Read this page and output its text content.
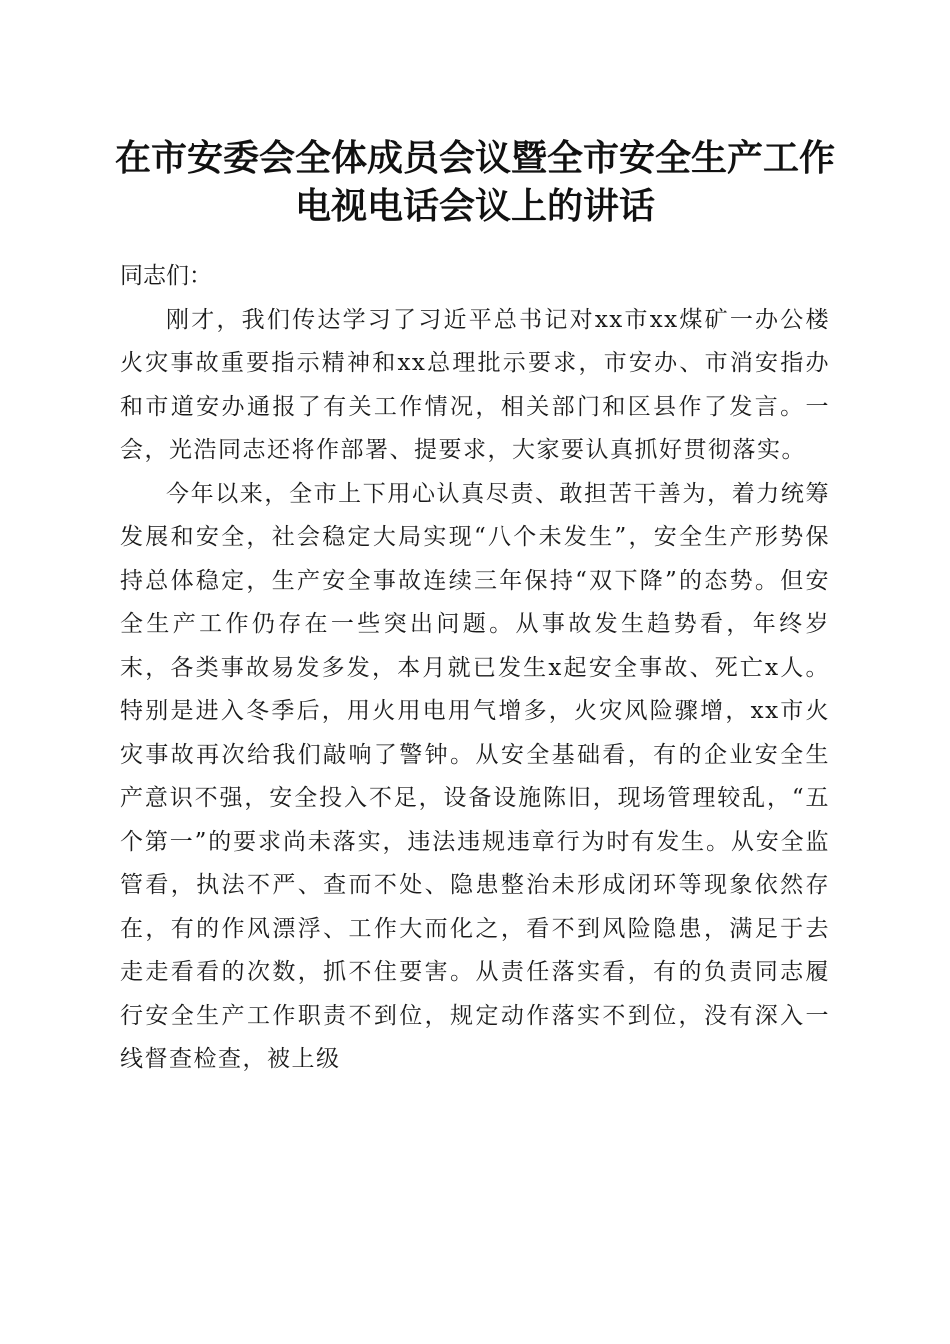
在市安委会全体成员会议暨全市安全生产工作
电视电话会议上的讲话

同志们：

刚才，我们传达学习了习近平总书记对xx市xx煤矿一办公楼火灾事故重要指示精神和xx总理批示要求，市安办、市消安指办和市道安办通报了有关工作情况，相关部门和区县作了发言。一会，光浩同志还将作部署、提要求，大家要认真抓好贯彻落实。

今年以来，全市上下用心认真尽责、敢担苦干善为，着力统筹发展和安全，社会稳定大局实现“八个未发生”，安全生产形势保持总体稳定，生产安全事故连续三年保持“双下降”的态势。但安全生产工作仍存在一些突出问题。从事故发生趋势看，年终岁末，各类事故易发多发，本月就已发生x起安全事故、死亡x人。特别是进入冬季后，用火用电用气增多，火灾风险骤增，xx市火灾事故再次给我们敲响了警钟。从安全基础看，有的企业安全生产意识不强，安全投入不足，设备设施陈旧，现场管理较乱，“五个第一”的要求尚未落实，违法违规违章行为时有发生。从安全监管看，执法不严、查而不处、隐患整治未形成闭环等现象依然存在，有的作风漂浮、工作大而化之，看不到风险隐患，满足于去走走看看的次数，抓不住要害。从责任落实看，有的负责同志履行安全生产工作职责不到位，规定动作落实不到位，没有深入一线督查检查，被上级
